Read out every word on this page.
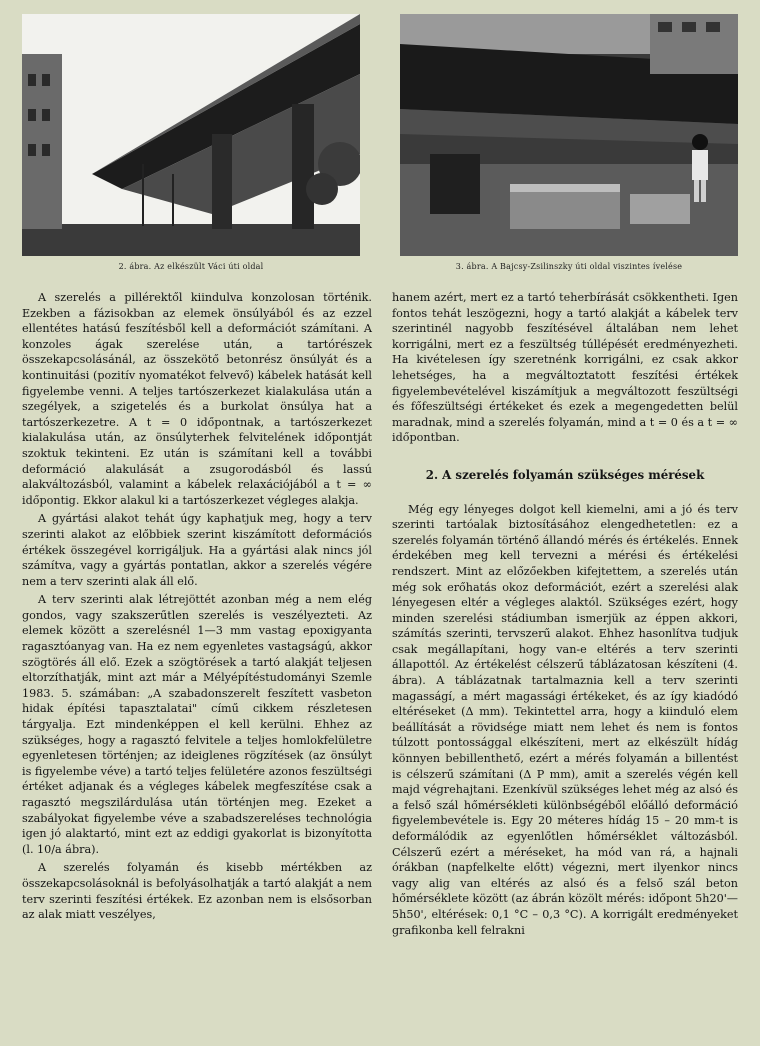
2. ábra. Az elkészült Váci úti oldal	3. ábra. A Bajcsy-Zsilinszky úti oldal viszintes ívelése

A szerelés a pillérektől kiindulva konzolosan történik. Ezekben a fázisokban az elemek önsúlyából és az ezzel ellentétes hatású feszítésből kell a deformációt számítani. A konzoles ágak szerelése után, a tartórészek összekapcsolásánál, az összekötő betonrész önsúlyát és a kontinuitási (pozitív nyomatékot felvevő) kábelek hatását kell figyelembe venni. A teljes tartószerkezet kialakulása után a szegélyek, a szigetelés és a burkolat önsúlya hat a tartószerkezetre. A t = 0 időpontnak, a tartószerkezet kialakulása után, az önsúlyterhek felvitelének időpontját szoktuk tekinteni. Ez után is számítani kell a további deformáció alakulását a zsugorodásból és lassú alakváltozásból, valamint a kábelek relaxációjából a t = ∞ időpontig. Ekkor alakul ki a tartószerkezet végleges alakja.

A gyártási alakot tehát úgy kaphatjuk meg, hogy a terv szerinti alakot az előbbiek szerint kiszámított deformációs értékek összegével korrigáljuk. Ha a gyártási alak nincs jól számítva, vagy a gyártás pontatlan, akkor a szerelés végére nem a terv szerinti alak áll elő.

A terv szerinti alak létrejöttét azonban még a nem elég gondos, vagy szakszerűtlen szerelés is veszélyezteti. Az elemek között a szerelésnél 1—3 mm vastag epoxigyanta ragasztóanyag van. Ha ez nem egyenletes vastagságú, akkor szögtörés áll elő. Ezek a szögtörések a tartó alakját teljesen eltorzíthatják, mint azt már a Mélyépítéstudományi Szemle 1983. 5. számában: „A szabadonszerelt feszített vasbeton hidak építési tapasztalatai" című cikkem részletesen tárgyalja. Ezt mindenképpen el kell kerülni. Ehhez az szükséges, hogy a ragasztó felvitele a teljes homlokfelületre egyenletesen történjen; az ideiglenes rögzítések (az önsúlyt is figyelembe véve) a tartó teljes felületére azonos feszültségi értéket adjanak és a végleges kábelek megfeszítése csak a ragasztó megszilárdulása után történjen meg. Ezeket a szabályokat figyelembe véve a szabadszereléses technológia igen jó alaktartó, mint ezt az eddigi gyakorlat is bizonyította (l. 10/a ábra).

A szerelés folyamán és kisebb mértékben az összekapcsolásoknál is befolyásolhatják a tartó alakját a nem terv szerinti feszítési értékek. Ez azonban nem is elsősorban az alak miatt veszélyes,

hanem azért, mert ez a tartó teherbírását csökkentheti. Igen fontos tehát leszögezni, hogy a tartó alakját a kábelek terv szerintinél nagyobb feszítésével általában nem lehet korrigálni, mert ez a feszültség túllépését eredményezheti. Ha kivételesen így szeretnénk korrigálni, ez csak akkor lehetséges, ha a megváltoztatott feszítési értékek figyelembevételével kiszámítjuk a megváltozott feszültségi és főfeszültségi értékeket és ezek a megengedetten belül maradnak, mind a szerelés folyamán, mind a t = 0 és a t = ∞ időpontban.

2. A szerelés folyamán szükséges mérések

Még egy lényeges dolgot kell kiemelni, ami a jó és terv szerinti tartóalak biztosításához elengedhetetlen: ez a szerelés folyamán történő állandó mérés és értékelés. Ennek érdekében meg kell tervezni a mérési és értékelési rendszert. Mint az előzőekben kifejtettem, a szerelés után még sok erőhatás okoz deformációt, ezért a szerelési alak lényegesen eltér a végleges alaktól. Szükséges ezért, hogy minden szerelési stádiumban ismerjük az éppen akkori, számítás szerinti, tervszerű alakot. Ehhez hasonlítva tudjuk csak megállapítani, hogy van-e eltérés a terv szerinti állapottól. Az értékelést célszerű táblázatosan készíteni (4. ábra). A táblázatnak tartalmaznia kell a terv szerinti magasságí, a mért magassági értékeket, és az így kiadódó eltéréseket (Δ mm). Tekintettel arra, hogy a kiinduló elem beállítását a rövidsége miatt nem lehet és nem is fontos túlzott pontossággal elkészíteni, mert az elkészült hídág könnyen bebillenthető, ezért a mérés folyamán a billentést is célszerű számítani (Δ P mm), amit a szerelés végén kell majd végrehajtani. Ezenkívül szükséges lehet még az alsó és a felső szál hőmérsékleti különbségéből előálló deformáció figyelembevétele is. Egy 20 méteres hídág 15 – 20 mm-t is deformálódik az egyenlőtlen hőmérséklet változásból. Célszerű ezért a méréseket, ha mód van rá, a hajnali órákban (napfelkelte előtt) végezni, mert ilyenkor nincs vagy alig van eltérés az alsó és a felső szál beton hőmérséklete között (az ábrán közölt mérés: időpont 5h20'—5h50', eltérések: 0,1 °C – 0,3 °C). A korrigált eredményeket grafikonba kell felrakni
